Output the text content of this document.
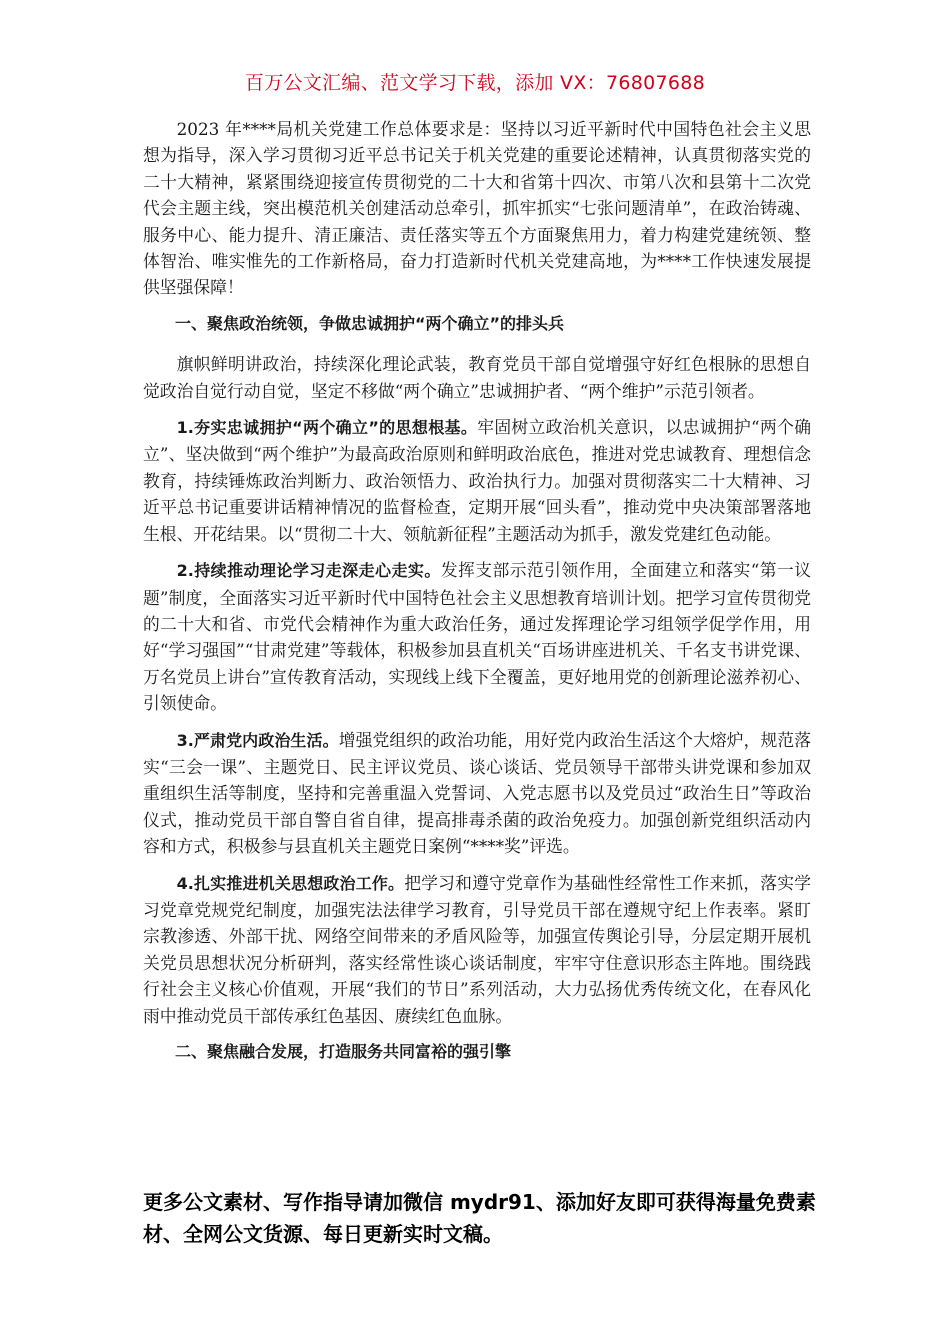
百万公文汇编、范文学习下载，添加 VX：76807688

2023 年****局机关党建工作总体要求是：坚持以习近平新时代中国特色社会主义思想为指导，深入学习贯彻习近平总书记关于机关党建的重要论述精神，认真贯彻落实党的二十大精神，紧紧围绕迎接宣传贯彻党的二十大和省第十四次、市第八次和县第十二次党代会主题主线，突出模范机关创建活动总牵引，抓牢抓实“七张问题清单”，在政治铸魂、服务中心、能力提升、清正廉洁、责任落实等五个方面聚焦用力，着力构建党建统领、整体智治、唯实惟先的工作新格局，奋力打造新时代机关党建高地，为****工作快速发展提供坚强保障！

一、聚焦政治统领，争做忠诚拥护“两个确立”的排头兵

旗帜鲜明讲政治，持续深化理论武装，教育党员干部自觉增强守好红色根脉的思想自觉政治自觉行动自觉，坚定不移做“两个确立”忠诚拥护者、“两个维护”示范引领者。

1.夯实忠诚拥护“两个确立”的思想根基。牢固树立政治机关意识，以忠诚拥护“两个确立”、坚决做到“两个维护”为最高政治原则和鲜明政治底色，推进对党忠诚教育、理想信念教育，持续锤炼政治判断力、政治领悟力、政治执行力。加强对贯彻落实二十大精神、习近平总书记重要讲话精神情况的监督检查，定期开展“回头看”，推动党中央决策部署落地生根、开花结果。以“贯彻二十大、领航新征程”主题活动为抓手，激发党建红色动能。

2.持续推动理论学习走深走心走实。发挥支部示范引领作用，全面建立和落实“第一议题”制度，全面落实习近平新时代中国特色社会主义思想教育培训计划。把学习宣传贯彻党的二十大和省、市党代会精神作为重大政治任务，通过发挥理论学习组领学促学作用，用好“学习强国”“甘肃党建”等载体，积极参加县直机关“百场讲座进机关、千名支书讲党课、万名党员上讲台”宣传教育活动，实现线上线下全覆盖，更好地用党的创新理论滋养初心、引领使命。

3.严肃党内政治生活。增强党组织的政治功能，用好党内政治生活这个大熔炉，规范落实“三会一课”、主题党日、民主评议党员、谈心谈话、党员领导干部带头讲党课和参加双重组织生活等制度，坚持和完善重温入党誓词、入党志愿书以及党员过“政治生日”等政治仪式，推动党员干部自警自省自律，提高排毒杀菌的政治免疫力。加强创新党组织活动内容和方式，积极参与县直机关主题党日案例“****奖”评选。

4.扎实推进机关思想政治工作。把学习和遵守党章作为基础性经常性工作来抓，落实学习党章党规党纪制度，加强宪法法律学习教育，引导党员干部在遵规守纪上作表率。紧盯宗教渗透、外部干扰、网络空间带来的矛盾风险等，加强宣传舆论引导，分层定期开展机关党员思想状况分析研判，落实经常性谈心谈话制度，牢牢守住意识形态主阵地。围绕践行社会主义核心价值观，开展“我们的节日”系列活动，大力弘扬优秀传统文化，在春风化雨中推动党员干部传承红色基因、赓续红色血脉。

二、聚焦融合发展，打造服务共同富裕的强引擎

更多公文素材、写作指导请加微信 mydr91、添加好友即可获得海量免费素材、全网公文货源、每日更新实时文稿。
